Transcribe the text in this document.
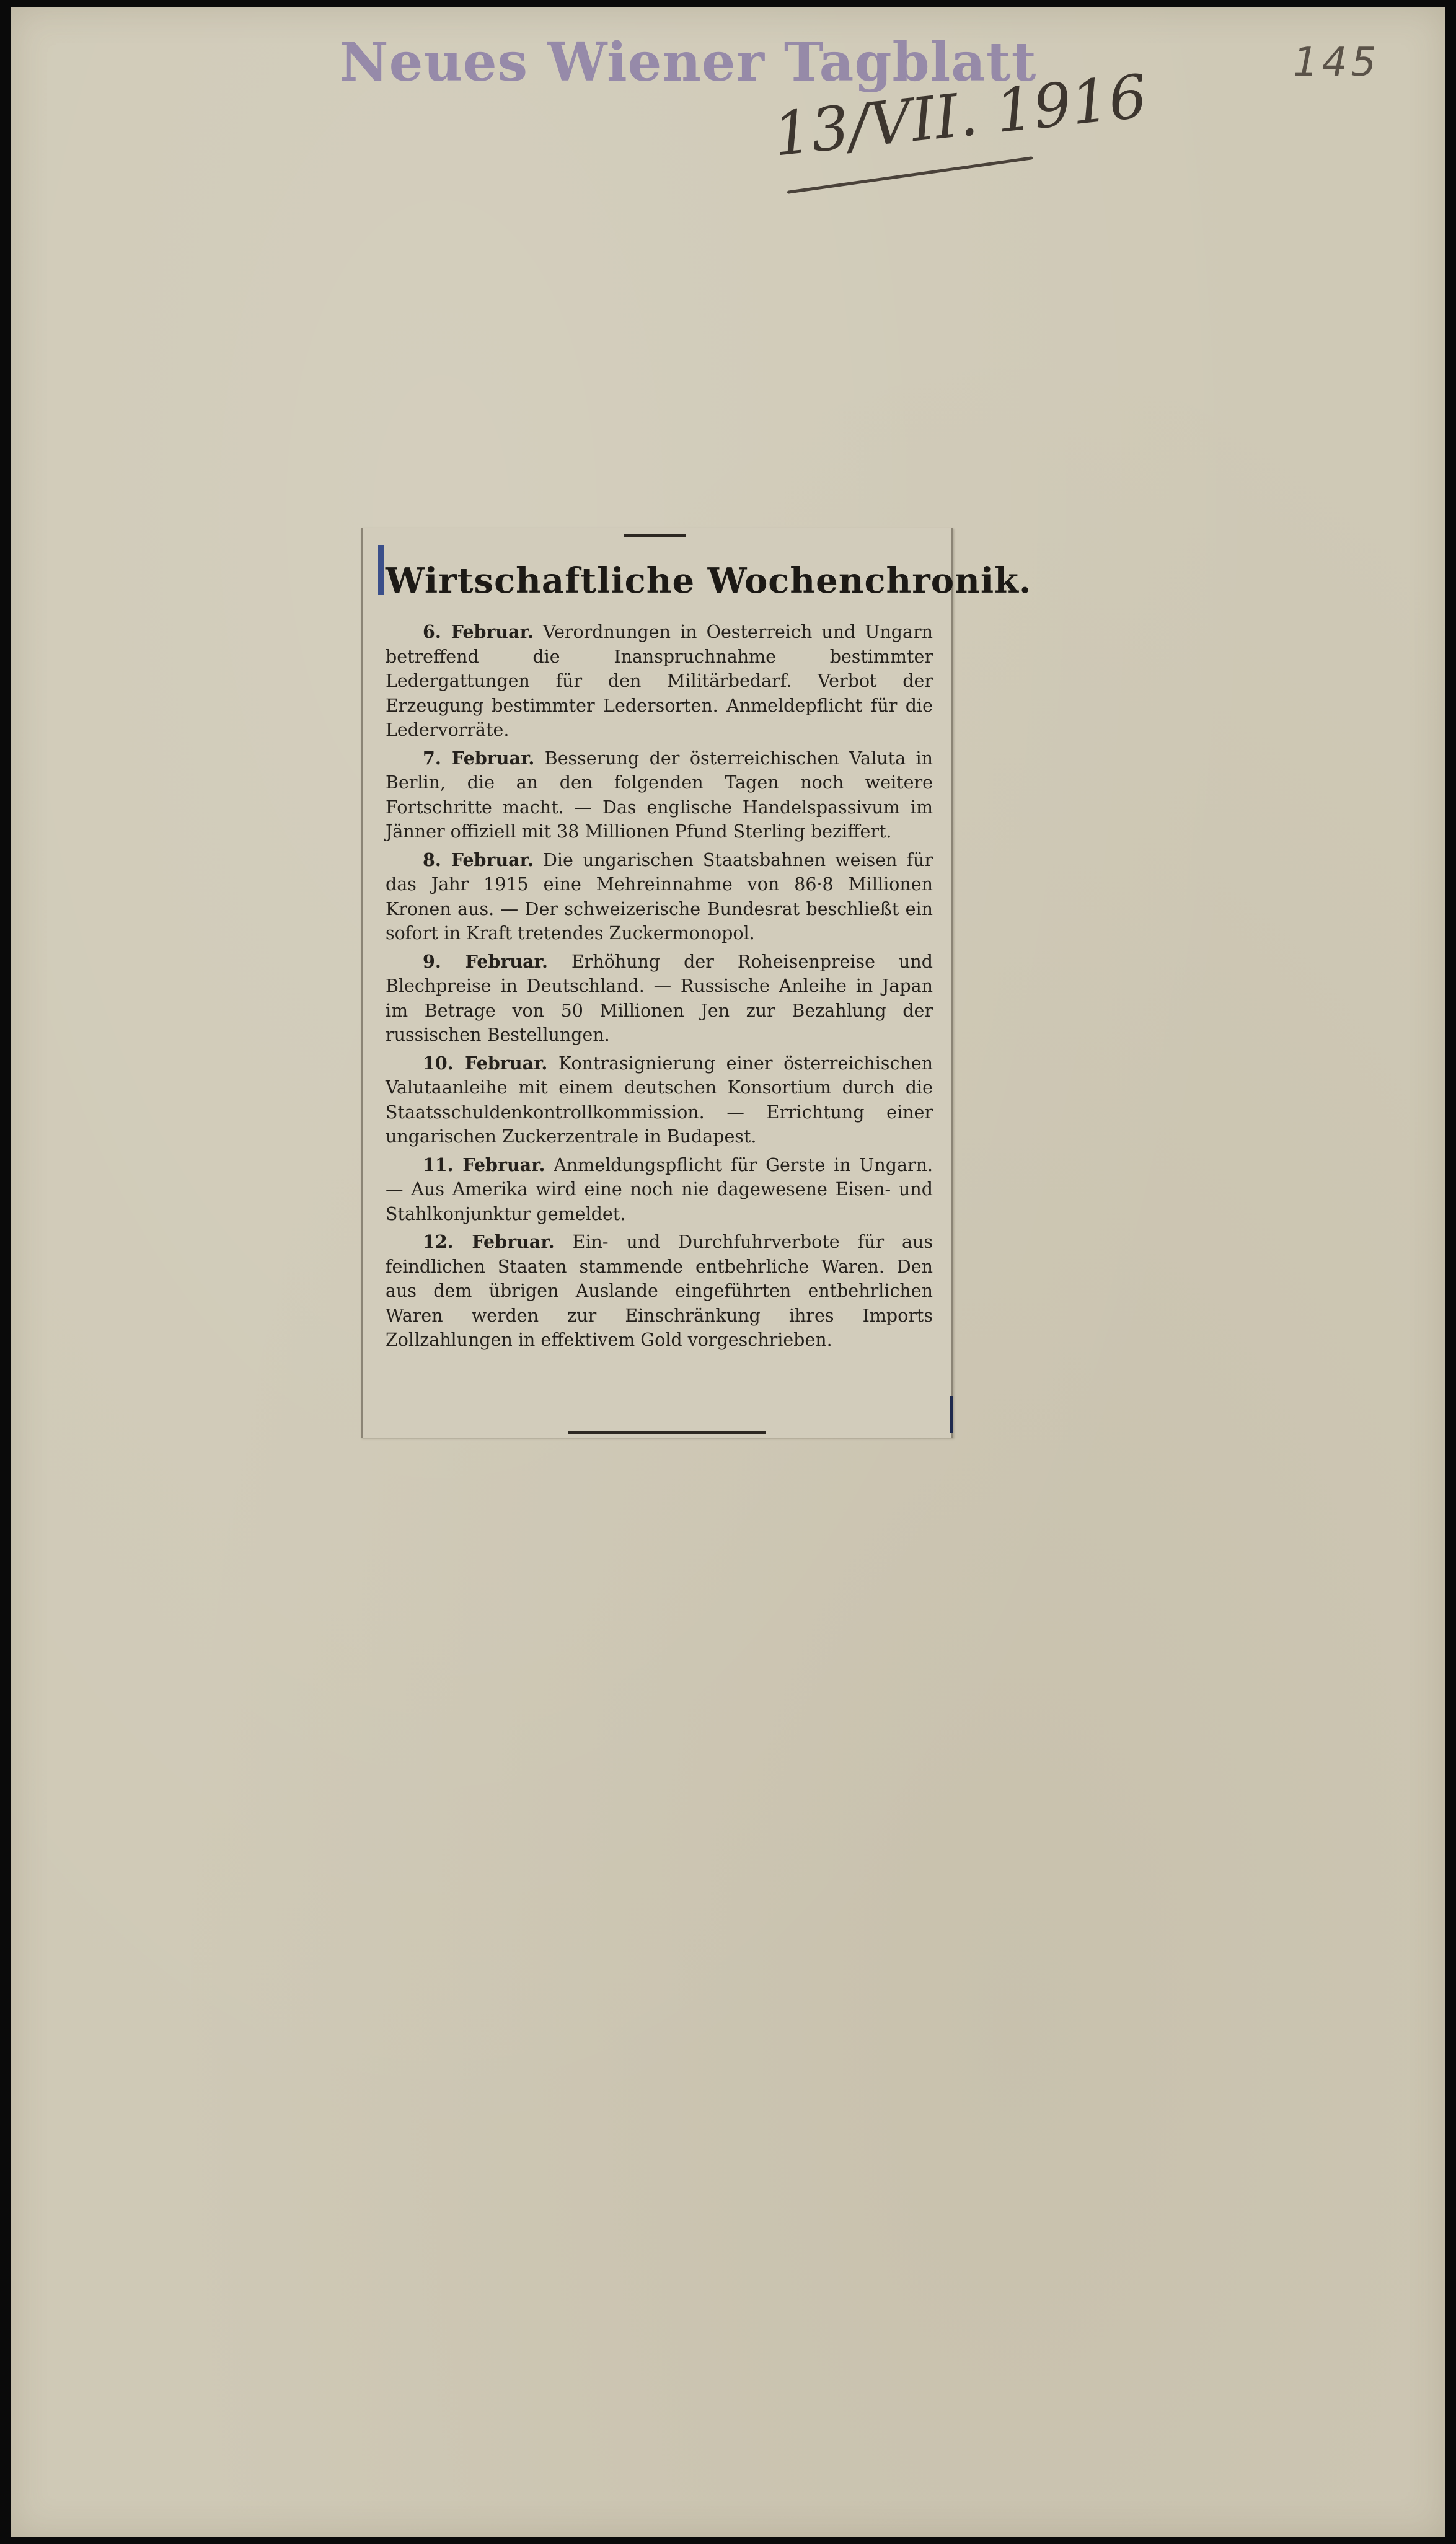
Neues Wiener Tagblatt	145
13/VII. 1916
Wirtschaftliche Wochenchronik.

6. Februar. Verordnungen in Oesterreich und Ungarn betreffend die Inanspruchnahme bestimmter Ledergattungen für den Militärbedarf. Verbot der Erzeugung bestimmter Ledersorten. Anmeldepflicht für die Ledervorräte.

7. Februar. Besserung der österreichischen Valuta in Berlin, die an den folgenden Tagen noch weitere Fortschritte macht. — Das englische Handelspassivum im Jänner offiziell mit 38 Millionen Pfund Sterling beziffert.

8. Februar. Die ungarischen Staatsbahnen weisen für das Jahr 1915 eine Mehreinnahme von 86·8 Millionen Kronen aus. — Der schweizerische Bundesrat beschließt ein sofort in Kraft tretendes Zuckermonopol.

9. Februar. Erhöhung der Roheisenpreise und Blechpreise in Deutschland. — Russische Anleihe in Japan im Betrage von 50 Millionen Jen zur Bezahlung der russischen Bestellungen.

10. Februar. Kontrasignierung einer österreichischen Valutaanleihe mit einem deutschen Konsortium durch die Staatsschuldenkontrollkommission. — Errichtung einer ungarischen Zuckerzentrale in Budapest.

11. Februar. Anmeldungspflicht für Gerste in Ungarn. — Aus Amerika wird eine noch nie dagewesene Eisen- und Stahlkonjunktur gemeldet.

12. Februar. Ein- und Durchfuhrverbote für aus feindlichen Staaten stammende entbehrliche Waren. Den aus dem übrigen Auslande eingeführten entbehrlichen Waren werden zur Einschränkung ihres Imports Zollzahlungen in effektivem Gold vorgeschrieben.
